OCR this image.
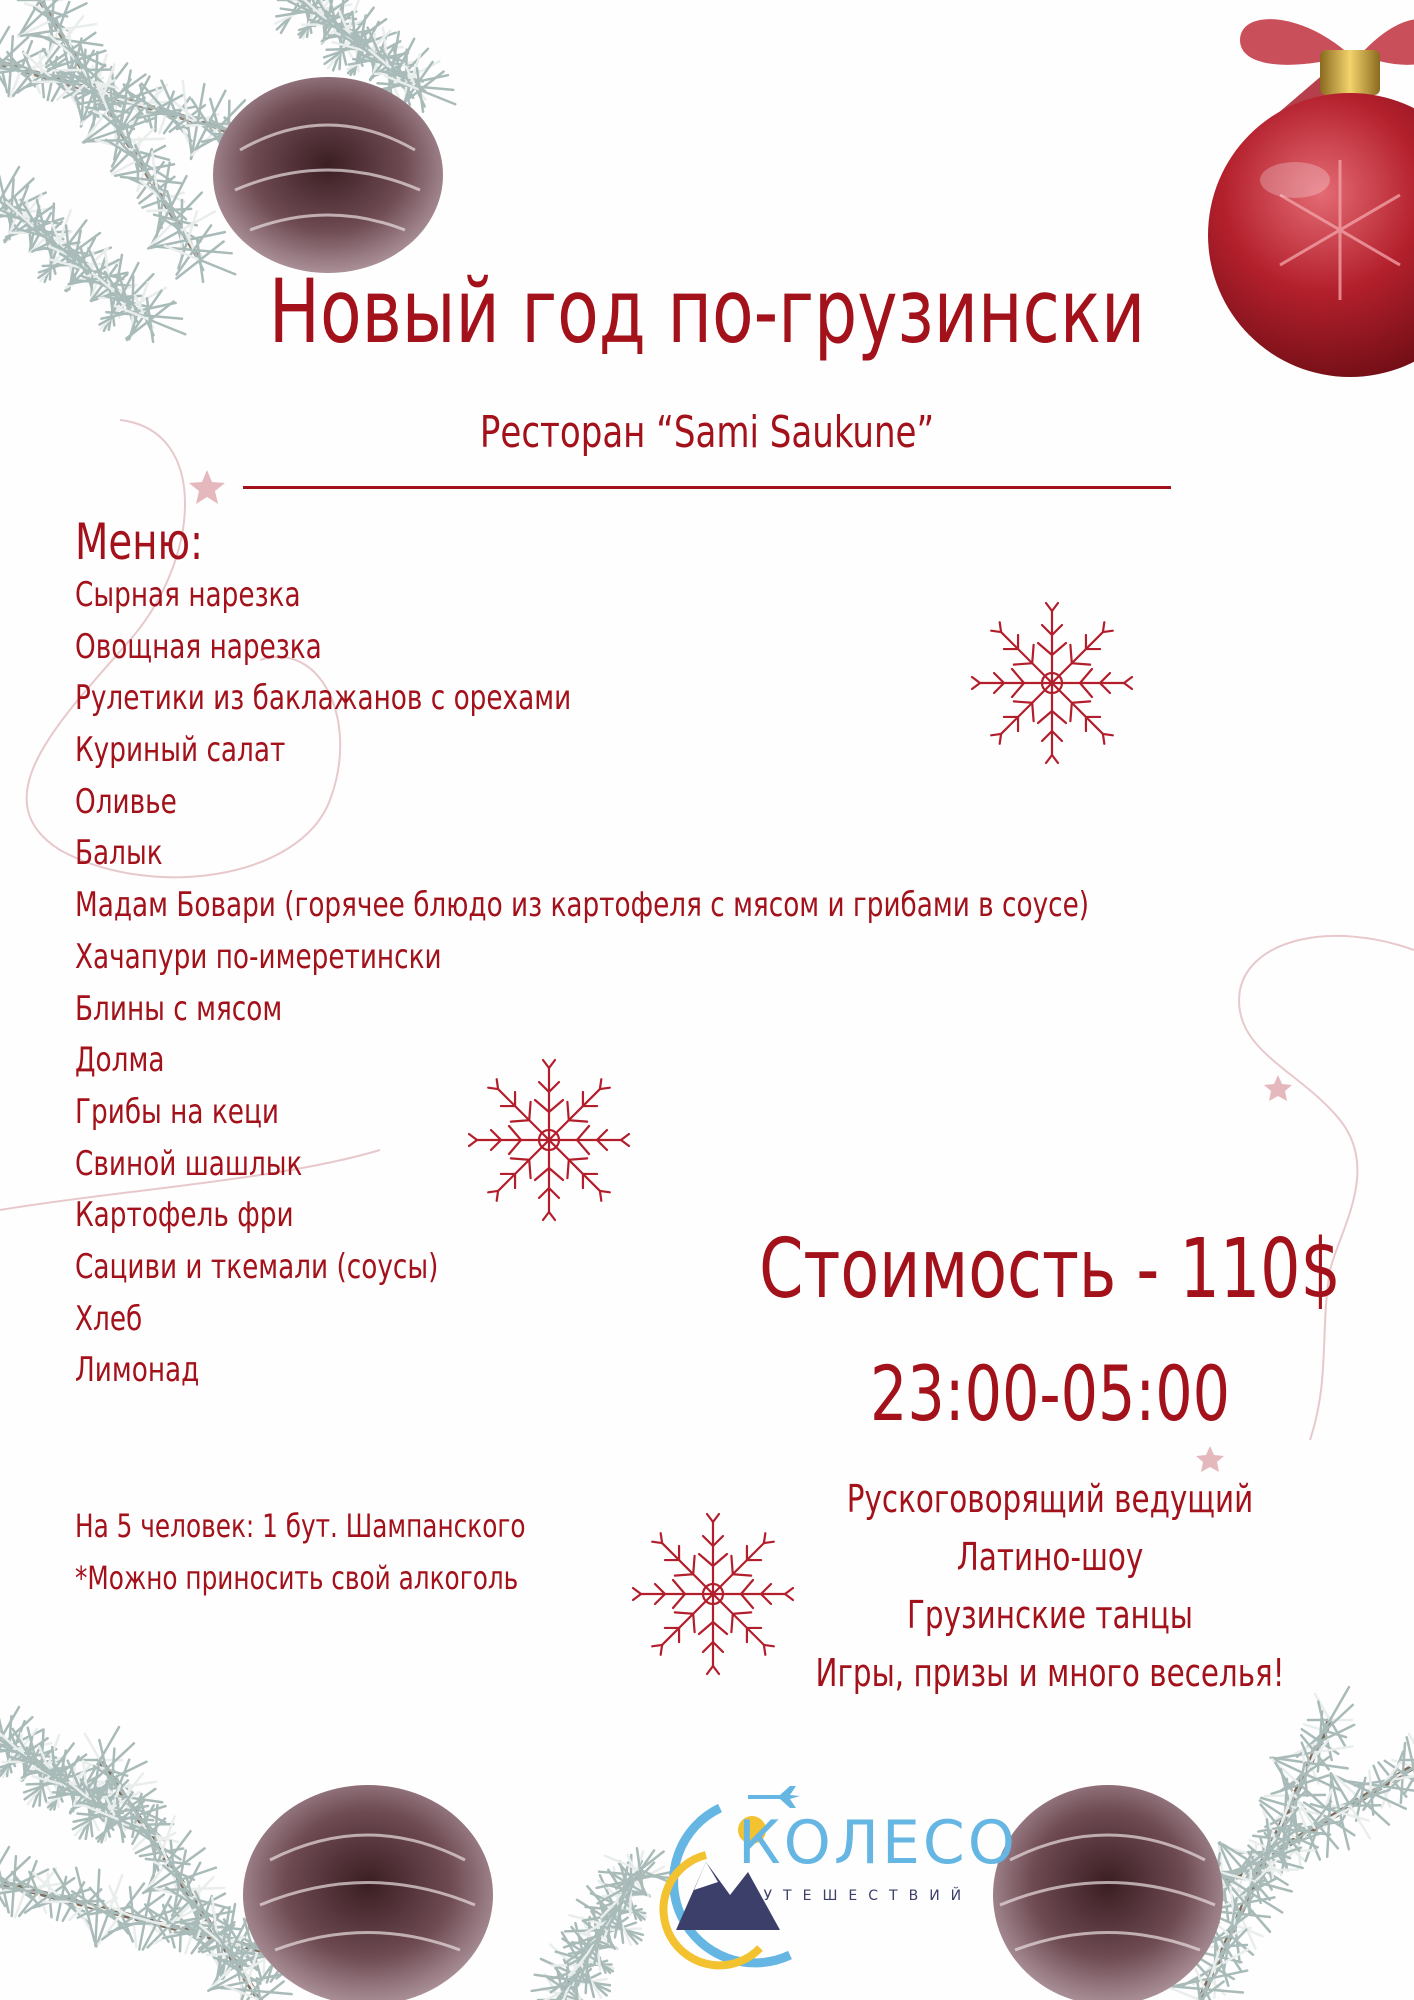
Новый год по-грузински
Ресторан “Sami Saukune”
Меню:
Сырная нарезка
Овощная нарезка
Рулетики из баклажанов с орехами
Куриный салат
Оливье
Балык
Мадам Бовари (горячее блюдо из картофеля с мясом и грибами в соусе)
Хачапури по-имеретински
Блины с мясом
Долма
Грибы на кеци
Свиной шашлык
Картофель фри
Сациви и ткемали (соусы)
Хлеб
Лимонад
На 5 человек: 1 бут. Шампанского
*Можно приносить свой алкоголь
Стоимость - 110$
23:00-05:00
Рускоговорящий ведущий
Латино-шоу
Грузинские танцы
Игры, призы и много веселья!
КОЛЕСО
ПУТЕШЕСТВИЙ
